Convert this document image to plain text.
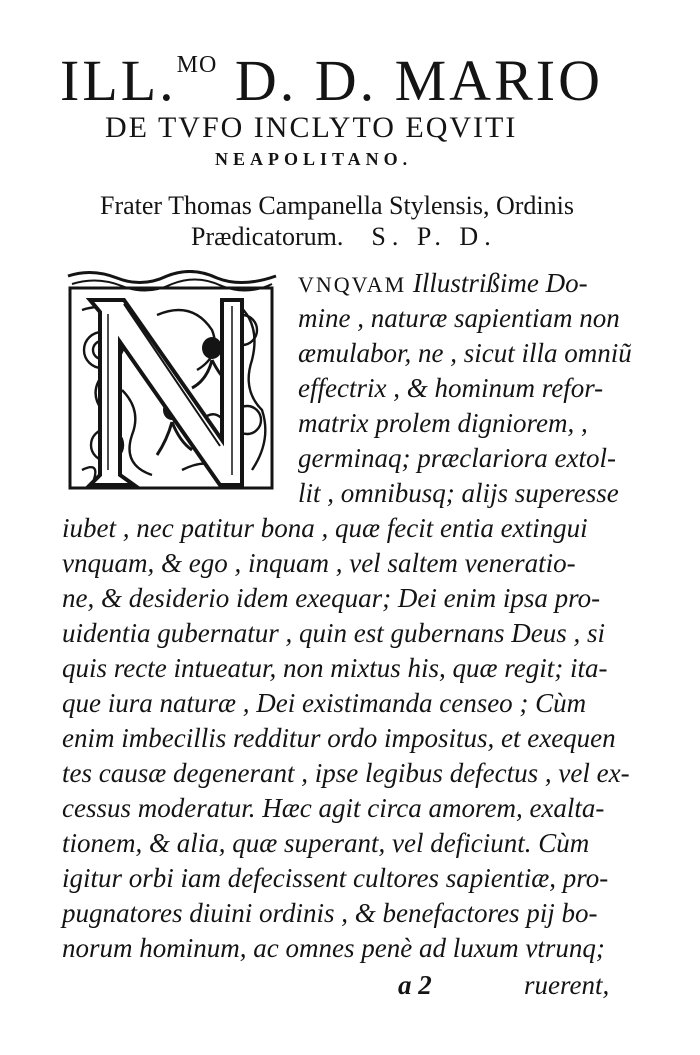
ILL.$^{MO}$ D. D. MARIO
DE TVFO INCLYTO EQVITI
NEAPOLITANO.
Frater Thomas Campanella Stylensis, Ordinis
Prædicatorum. S. P. D.
VNQVAM Illustrißime Do-
mine , naturæ sapientiam non
æmulabor, ne , sicut illa omniũ
effectrix , & hominum refor-
matrix prolem digniorem, ,
germinaq; præclariora extol-
lit , omnibusq; alijs superesse
iubet , nec patitur bona , quæ fecit entia extingui
vnquam, & ego , inquam , vel saltem veneratio-
ne, & desiderio idem exequar; Dei enim ipsa pro-
uidentia gubernatur , quin est gubernans Deus , si
quis recte intueatur, non mixtus his, quæ regit; ita-
que iura naturæ , Dei existimanda censeo ; Cùm
enim imbecillis redditur ordo impositus, et exequen
tes causæ degenerant , ipse legibus defectus , vel ex-
cessus moderatur. Hæc agit circa amorem, exalta-
tionem, & alia, quæ superant, vel deficiunt. Cùm
igitur orbi iam defecissent cultores sapientiæ, pro-
pugnatores diuini ordinis , & benefactores pij bo-
norum hominum, ac omnes penè ad luxum vtrunq;
a 2	ruerent,
